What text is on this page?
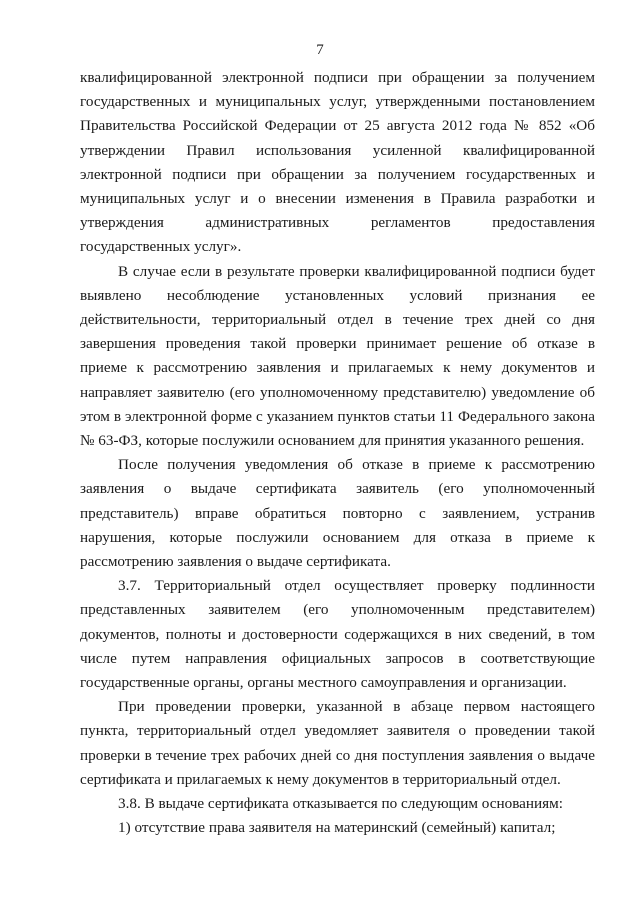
7

квалифицированной электронной подписи при обращении за получением государственных и муниципальных услуг, утвержденными постановлением Правительства Российской Федерации от 25 августа 2012 года № 852 «Об утверждении Правил использования усиленной квалифицированной электронной подписи при обращении за получением государственных и муниципальных услуг и о внесении изменения в Правила разработки и утверждения административных регламентов предоставления государственных услуг».

В случае если в результате проверки квалифицированной подписи будет выявлено несоблюдение установленных условий признания ее действительности, территориальный отдел в течение трех дней со дня завершения проведения такой проверки принимает решение об отказе в приеме к рассмотрению заявления и прилагаемых к нему документов и направляет заявителю (его уполномоченному представителю) уведомление об этом в электронной форме с указанием пунктов статьи 11 Федерального закона № 63-ФЗ, которые послужили основанием для принятия указанного решения.

После получения уведомления об отказе в приеме к рассмотрению заявления о выдаче сертификата заявитель (его уполномоченный представитель) вправе обратиться повторно с заявлением, устранив нарушения, которые послужили основанием для отказа в приеме к рассмотрению заявления о выдаче сертификата.

3.7. Территориальный отдел осуществляет проверку подлинности представленных заявителем (его уполномоченным представителем) документов, полноты и достоверности содержащихся в них сведений, в том числе путем направления официальных запросов в соответствующие государственные органы, органы местного самоуправления и организации.

При проведении проверки, указанной в абзаце первом настоящего пункта, территориальный отдел уведомляет заявителя о проведении такой проверки в течение трех рабочих дней со дня поступления заявления о выдаче сертификата и прилагаемых к нему документов в территориальный отдел.

3.8. В выдаче сертификата отказывается по следующим основаниям:

1) отсутствие права заявителя на материнский (семейный) капитал;
